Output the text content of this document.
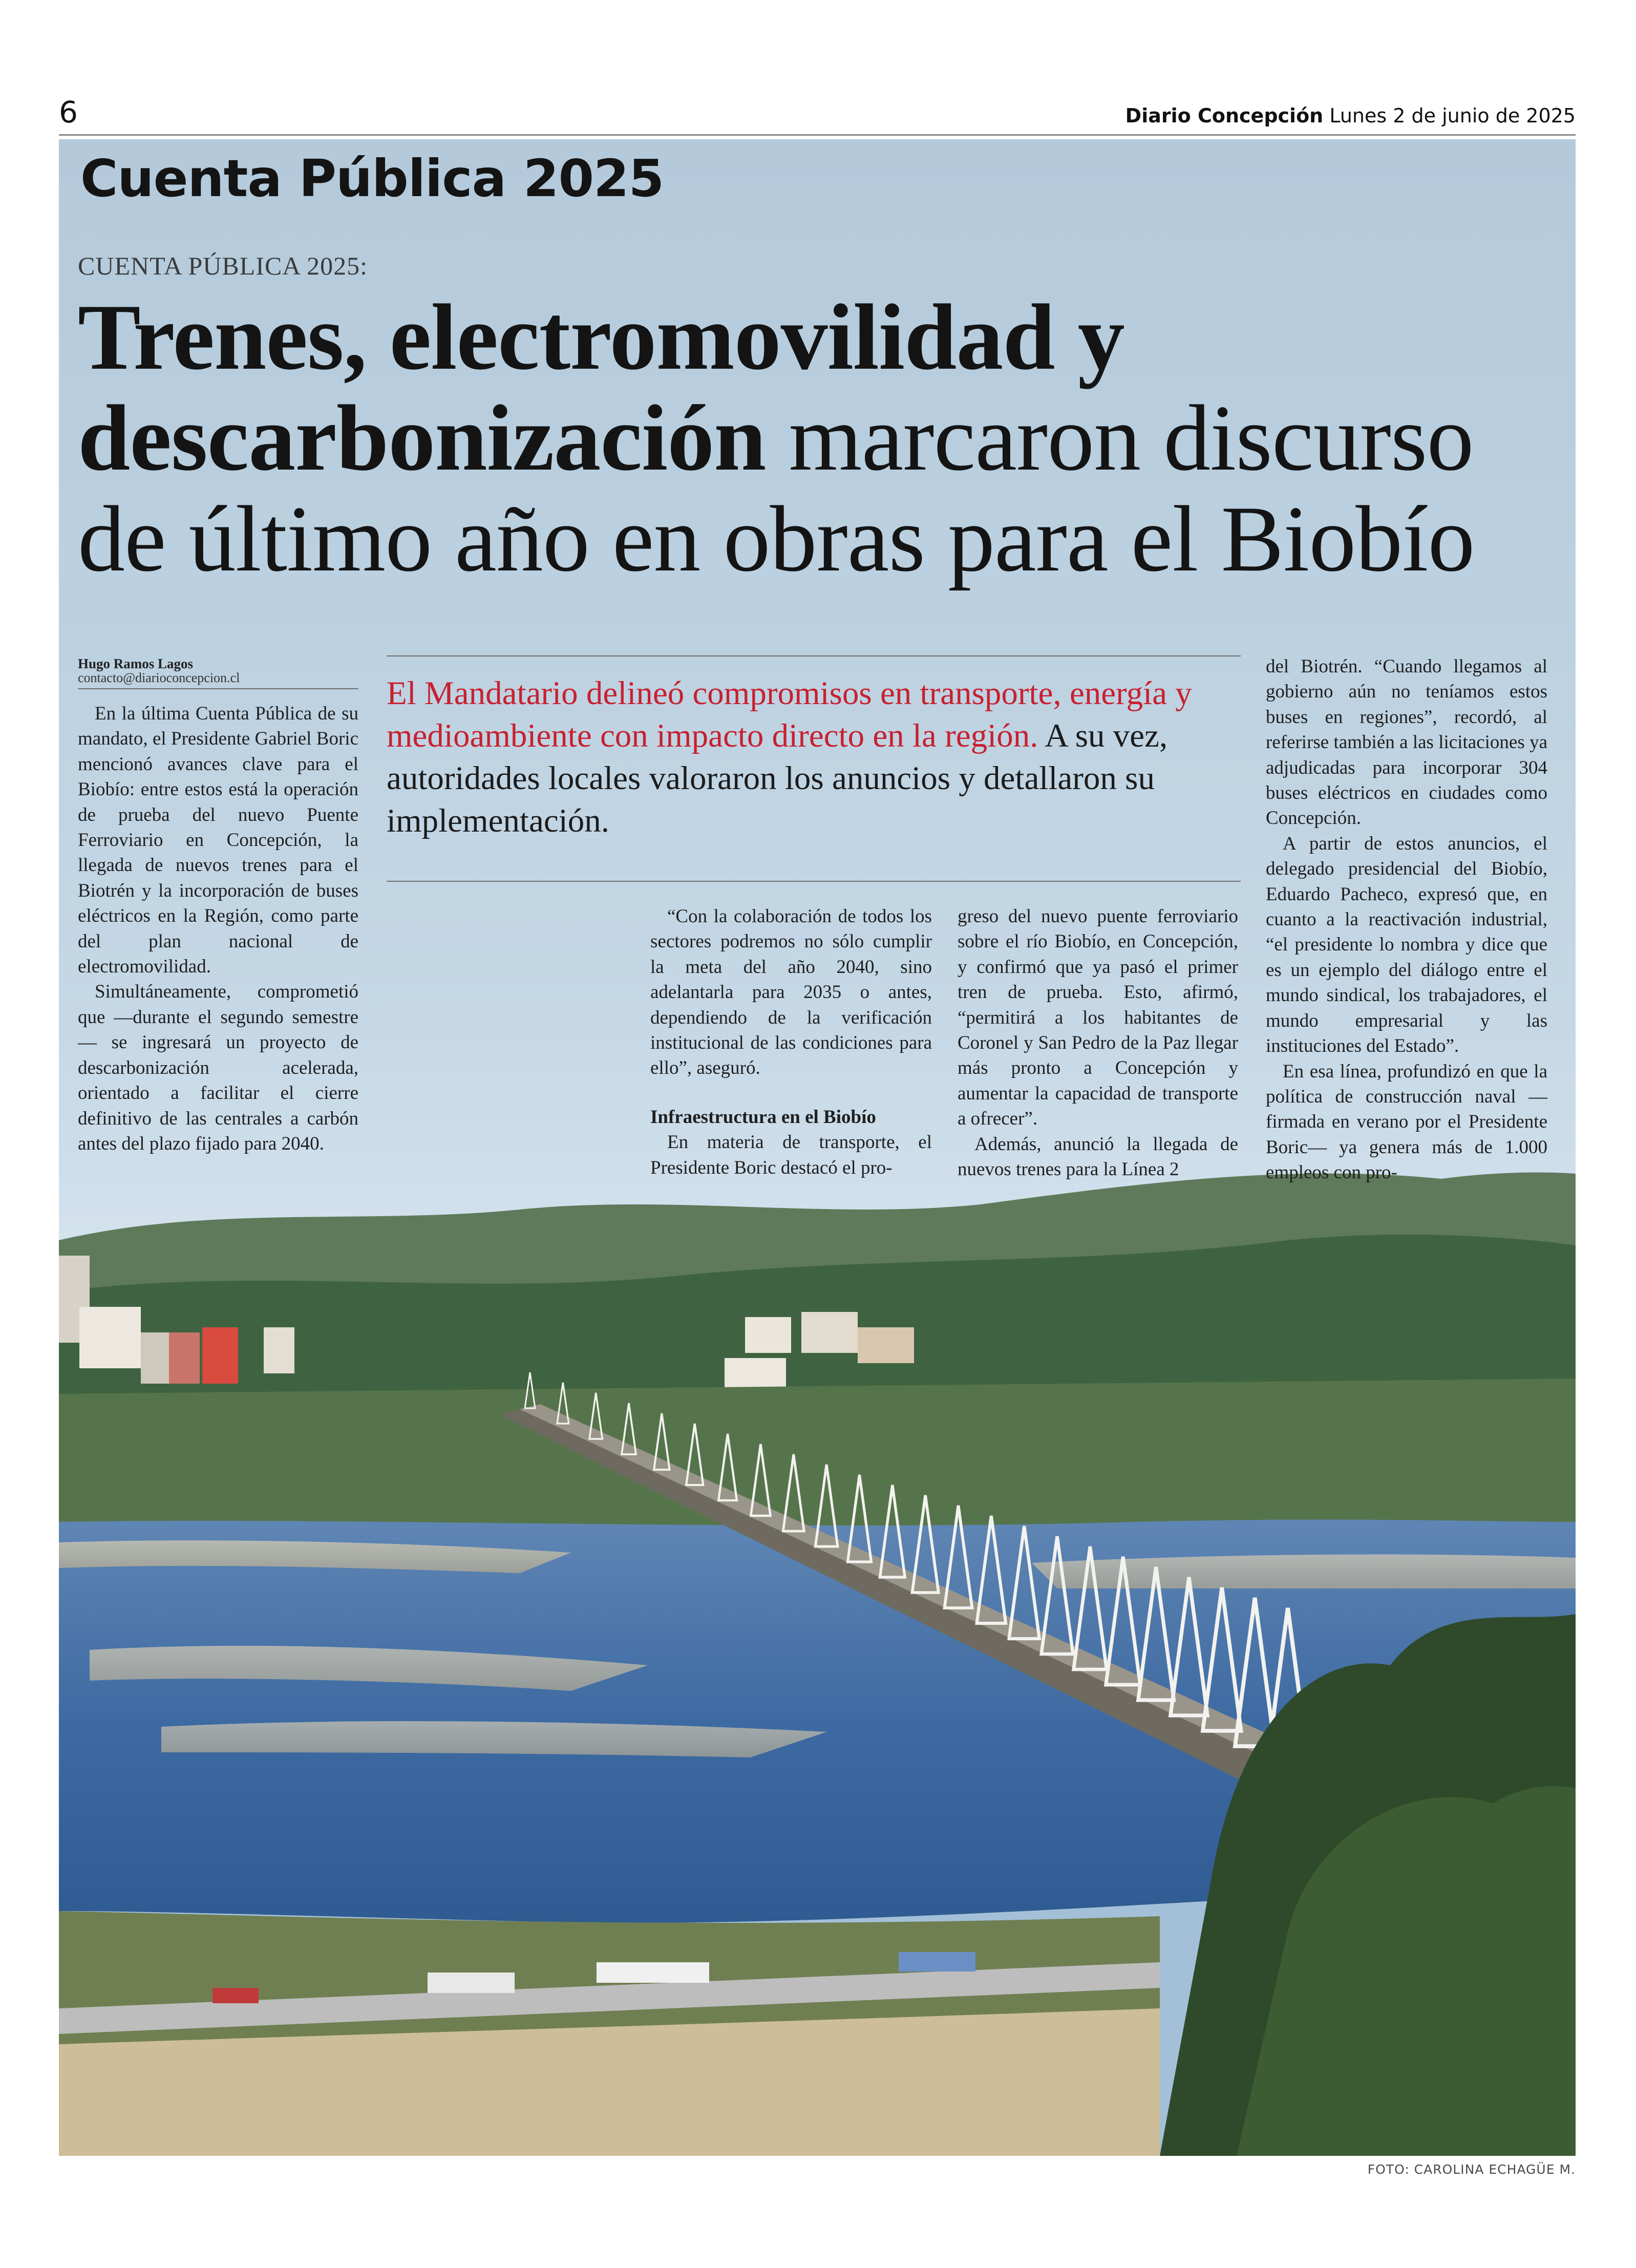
6	Diario Concepción Lunes 2 de junio de 2025
Cuenta Pública 2025
CUENTA PÚBLICA 2025:
Trenes, electromovilidad y descarbonización marcaron discurso de último año en obras para el Biobío
Hugo Ramos Lagos
contacto@diarioconcepcion.cl

En la última Cuenta Pública de su mandato, el Presidente Gabriel Boric mencionó avances clave para el Biobío: entre estos está la operación de prueba del nuevo Puente Ferroviario en Concepción, la llegada de nuevos trenes para el Biotrén y la incorporación de buses eléctricos en la Región, como parte del plan nacional de electromovilidad.

Simultáneamente, comprometió que —durante el segundo semestre— se ingresará un proyecto de descarbonización acelerada, orientado a facilitar el cierre definitivo de las centrales a carbón antes del plazo fijado para 2040.

El Mandatario delineó compromisos en transporte, energía y medioambiente con impacto directo en la región. A su vez, autoridades locales valoraron los anuncios y detallaron su implementación.

“Con la colaboración de todos los sectores podremos no sólo cumplir la meta del año 2040, sino adelantarla para 2035 o antes, dependiendo de la verificación institucional de las condiciones para ello”, aseguró.

Infraestructura en el Biobío

En materia de transporte, el Presidente Boric destacó el pro-

greso del nuevo puente ferroviario sobre el río Biobío, en Concepción, y confirmó que ya pasó el primer tren de prueba. Esto, afirmó, “permitirá a los habitantes de Coronel y San Pedro de la Paz llegar más pronto a Concepción y aumentar la capacidad de transporte a ofrecer”.

Además, anunció la llegada de nuevos trenes para la Línea 2

del Biotrén. “Cuando llegamos al gobierno aún no teníamos estos buses en regiones”, recordó, al referirse también a las licitaciones ya adjudicadas para incorporar 304 buses eléctricos en ciudades como Concepción.

A partir de estos anuncios, el delegado presidencial del Biobío, Eduardo Pacheco, expresó que, en cuanto a la reactivación industrial, “el presidente lo nombra y dice que es un ejemplo del diálogo entre el mundo sindical, los trabajadores, el mundo empresarial y las instituciones del Estado”.

En esa línea, profundizó en que la política de construcción naval —firmada en verano por el Presidente Boric— ya genera más de 1.000 empleos con pro-

FOTO: CAROLINA ECHAGÜE M.
